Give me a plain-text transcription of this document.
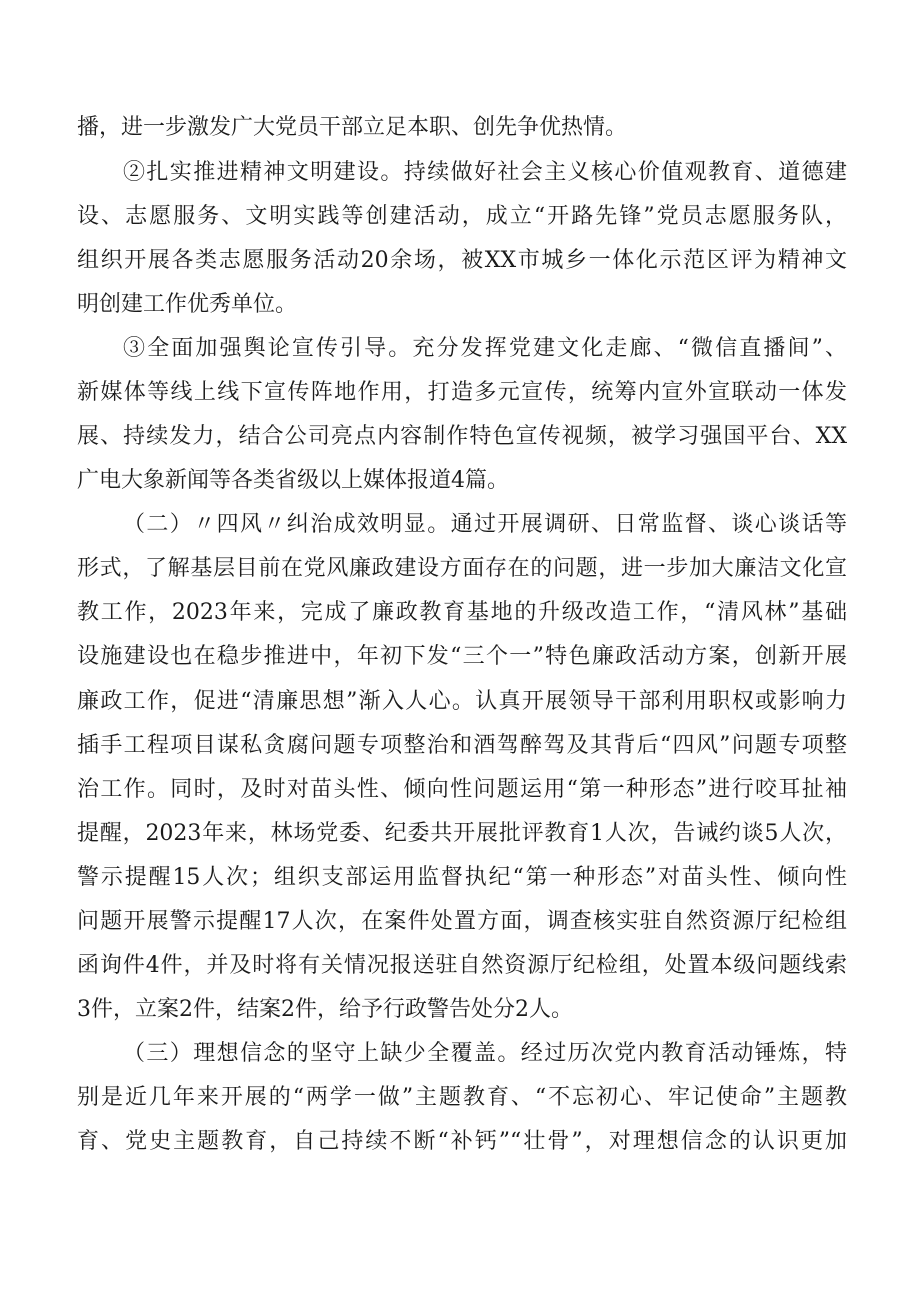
播，进一步激发广大党员干部立足本职、创先争优热情。
②扎实推进精神文明建设。持续做好社会主义核心价值观教育、道德建
设、志愿服务、文明实践等创建活动，成立“开路先锋”党员志愿服务队，
组织开展各类志愿服务活动20余场，被XX市城乡一体化示范区评为精神文
明创建工作优秀单位。
③全面加强舆论宣传引导。充分发挥党建文化走廊、“微信直播间”、
新媒体等线上线下宣传阵地作用，打造多元宣传，统筹内宣外宣联动一体发
展、持续发力，结合公司亮点内容制作特色宣传视频，被学习强国平台、XX
广电大象新闻等各类省级以上媒体报道4篇。
（二）〃四风〃纠治成效明显。通过开展调研、日常监督、谈心谈话等
形式，了解基层目前在党风廉政建设方面存在的问题，进一步加大廉洁文化宣
教工作，2023年来，完成了廉政教育基地的升级改造工作，“清风林”基础
设施建设也在稳步推进中，年初下发“三个一”特色廉政活动方案，创新开展
廉政工作，促进“清廉思想”渐入人心。认真开展领导干部利用职权或影响力
插手工程项目谋私贪腐问题专项整治和酒驾醉驾及其背后“四风”问题专项整
治工作。同时，及时对苗头性、倾向性问题运用“第一种形态”进行咬耳扯袖
提醒，2023年来，林场党委、纪委共开展批评教育1人次，告诫约谈5人次，
警示提醒15人次；组织支部运用监督执纪“第一种形态”对苗头性、倾向性
问题开展警示提醒17人次，在案件处置方面，调查核实驻自然资源厅纪检组
函询件4件，并及时将有关情况报送驻自然资源厅纪检组，处置本级问题线索
3件，立案2件，结案2件，给予行政警告处分2人。
（三）理想信念的坚守上缺少全覆盖。经过历次党内教育活动锤炼，特
别是近几年来开展的“两学一做”主题教育、“不忘初心、牢记使命”主题教
育、党史主题教育，自己持续不断“补钙”“壮骨”，对理想信念的认识更加
